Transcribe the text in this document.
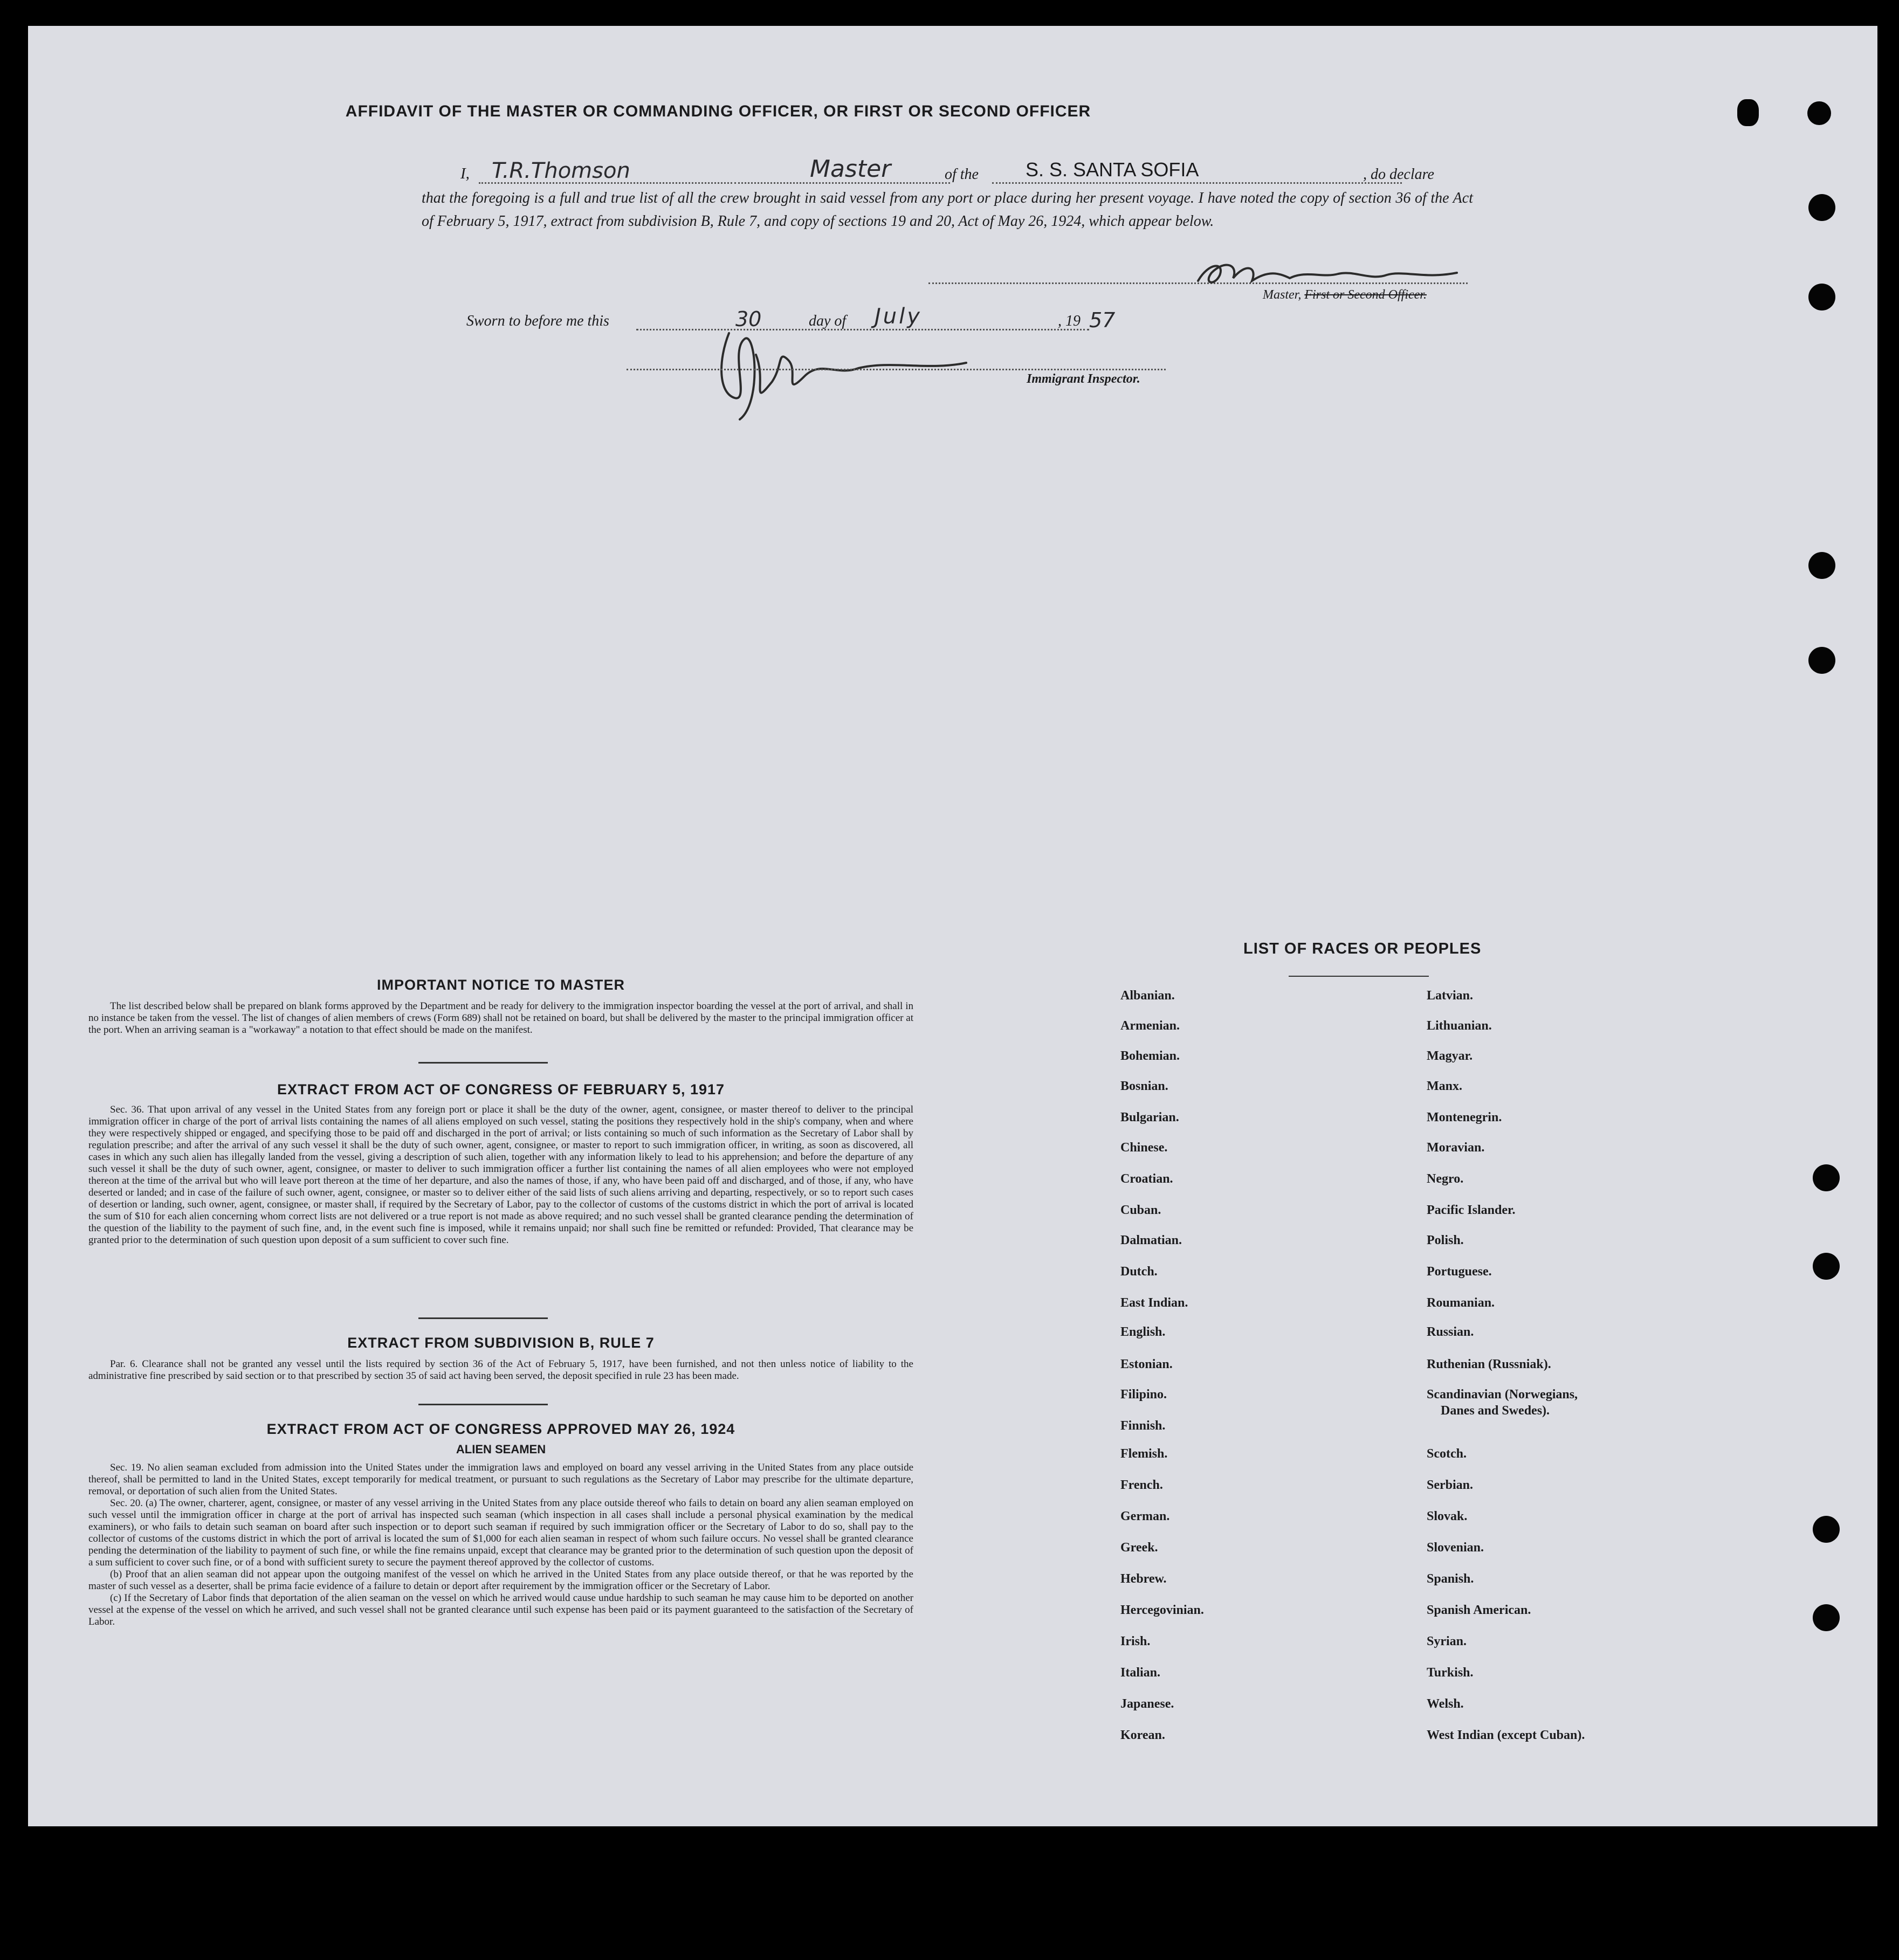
AFFIDAVIT OF THE MASTER OR COMMANDING OFFICER, OR FIRST OR SECOND OFFICER
I, T.R.Thomson	Master	of the S. S. SANTA SOFIA	, do declare
that the foregoing is a full and true list of all the crew brought in said vessel from any port or place during her present voyage. I have noted the copy of section 36 of the Act of February 5, 1917, extract from subdivision B, Rule 7, and copy of sections 19 and 20, Act of May 26, 1924, which appear below.
Master, First or Second Officer.
Sworn to before me this	30	day of July	, 19 57
Immigrant Inspector.
IMPORTANT NOTICE TO MASTER

The list described below shall be prepared on blank forms approved by the Department and be ready for delivery to the immigration inspector boarding the vessel at the port of arrival, and shall in no instance be taken from the vessel. The list of changes of alien members of crews (Form 689) shall not be retained on board, but shall be delivered by the master to the principal immigration officer at the port. When an arriving seaman is a "workaway" a notation to that effect should be made on the manifest.

EXTRACT FROM ACT OF CONGRESS OF FEBRUARY 5, 1917

Sec. 36. That upon arrival of any vessel in the United States from any foreign port or place it shall be the duty of the owner, agent, consignee, or master thereof to deliver to the principal immigration officer in charge of the port of arrival lists containing the names of all aliens employed on such vessel, stating the positions they respectively hold in the ship's company, when and where they were respectively shipped or engaged, and specifying those to be paid off and discharged in the port of arrival; or lists containing so much of such information as the Secretary of Labor shall by regulation prescribe; and after the arrival of any such vessel it shall be the duty of such owner, agent, consignee, or master to report to such immigration officer, in writing, as soon as discovered, all cases in which any such alien has illegally landed from the vessel, giving a description of such alien, together with any information likely to lead to his apprehension; and before the departure of any such vessel it shall be the duty of such owner, agent, consignee, or master to deliver to such immigration officer a further list containing the names of all alien employees who were not employed thereon at the time of the arrival but who will leave port thereon at the time of her departure, and also the names of those, if any, who have been paid off and discharged, and of those, if any, who have deserted or landed; and in case of the failure of such owner, agent, consignee, or master so to deliver either of the said lists of such aliens arriving and departing, respectively, or so to report such cases of desertion or landing, such owner, agent, consignee, or master shall, if required by the Secretary of Labor, pay to the collector of customs of the customs district in which the port of arrival is located the sum of $10 for each alien concerning whom correct lists are not delivered or a true report is not made as above required; and no such vessel shall be granted clearance pending the determination of the question of the liability to the payment of such fine, and, in the event such fine is imposed, while it remains unpaid; nor shall such fine be remitted or refunded: Provided, That clearance may be granted prior to the determination of such question upon deposit of a sum sufficient to cover such fine.

EXTRACT FROM SUBDIVISION B, RULE 7

Par. 6. Clearance shall not be granted any vessel until the lists required by section 36 of the Act of February 5, 1917, have been furnished, and not then unless notice of liability to the administrative fine prescribed by said section or to that prescribed by section 35 of said act having been served, the deposit specified in rule 23 has been made.

EXTRACT FROM ACT OF CONGRESS APPROVED MAY 26, 1924
ALIEN SEAMEN

Sec. 19. No alien seaman excluded from admission into the United States under the immigration laws and employed on board any vessel arriving in the United States from any place outside thereof, shall be permitted to land in the United States, except temporarily for medical treatment, or pursuant to such regulations as the Secretary of Labor may prescribe for the ultimate departure, removal, or deportation of such alien from the United States.

Sec. 20. (a) The owner, charterer, agent, consignee, or master of any vessel arriving in the United States from any place outside thereof who fails to detain on board any alien seaman employed on such vessel until the immigration officer in charge at the port of arrival has inspected such seaman (which inspection in all cases shall include a personal physical examination by the medical examiners), or who fails to detain such seaman on board after such inspection or to deport such seaman if required by such immigration officer or the Secretary of Labor to do so, shall pay to the collector of customs of the customs district in which the port of arrival is located the sum of $1,000 for each alien seaman in respect of whom such failure occurs. No vessel shall be granted clearance pending the determination of the liability to payment of such fine, or while the fine remains unpaid, except that clearance may be granted prior to the determination of such question upon the deposit of a sum sufficient to cover such fine, or of a bond with sufficient surety to secure the payment thereof approved by the collector of customs.

(b) Proof that an alien seaman did not appear upon the outgoing manifest of the vessel on which he arrived in the United States from any place outside thereof, or that he was reported by the master of such vessel as a deserter, shall be prima facie evidence of a failure to detain or deport after requirement by the immigration officer or the Secretary of Labor.

(c) If the Secretary of Labor finds that deportation of the alien seaman on the vessel on which he arrived would cause undue hardship to such seaman he may cause him to be deported on another vessel at the expense of the vessel on which he arrived, and such vessel shall not be granted clearance until such expense has been paid or its payment guaranteed to the satisfaction of the Secretary of Labor.

LIST OF RACES OR PEOPLES
Albanian.
Armenian.
Bohemian.
Bosnian.
Bulgarian.
Chinese.
Croatian.
Cuban.
Dalmatian.
Dutch.
East Indian.
English.
Estonian.
Filipino.
Finnish.
Flemish.
French.
German.
Greek.
Hebrew.
Hercegovinian.
Irish.
Italian.
Japanese.
Korean.
Latvian.
Lithuanian.
Magyar.
Manx.
Montenegrin.
Moravian.
Negro.
Pacific Islander.
Polish.
Portuguese.
Roumanian.
Russian.
Ruthenian (Russniak).
Scandinavian (Norwegians,
Danes and Swedes).
Scotch.
Serbian.
Slovak.
Slovenian.
Spanish.
Spanish American.
Syrian.
Turkish.
Welsh.
West Indian (except Cuban).
